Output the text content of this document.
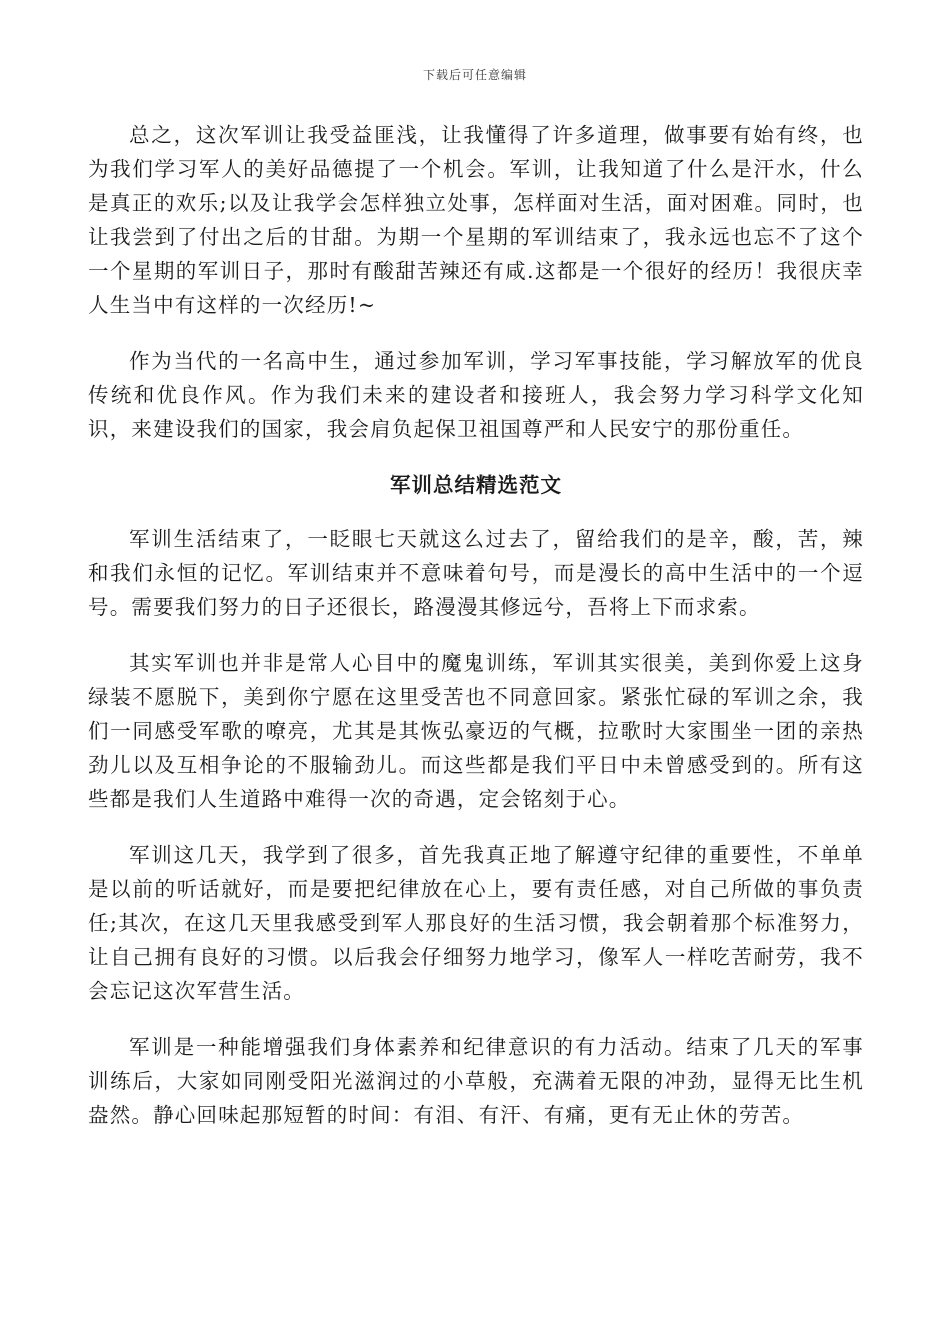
下载后可任意编辑

总之，这次军训让我受益匪浅，让我懂得了许多道理，做事要有始有终，也为我们学习军人的美好品德提了一个机会。军训，让我知道了什么是汗水，什么是真正的欢乐;以及让我学会怎样独立处事，怎样面对生活，面对困难。同时，也让我尝到了付出之后的甘甜。为期一个星期的军训结束了，我永远也忘不了这个一个星期的军训日子，那时有酸甜苦辣还有咸.这都是一个很好的经历！我很庆幸人生当中有这样的一次经历!~

作为当代的一名高中生，通过参加军训，学习军事技能，学习解放军的优良传统和优良作风。作为我们未来的建设者和接班人，我会努力学习科学文化知识，来建设我们的国家，我会肩负起保卫祖国尊严和人民安宁的那份重任。

军训总结精选范文

军训生活结束了，一眨眼七天就这么过去了，留给我们的是辛，酸，苦，辣和我们永恒的记忆。军训结束并不意味着句号，而是漫长的高中生活中的一个逗号。需要我们努力的日子还很长，路漫漫其修远兮，吾将上下而求索。

其实军训也并非是常人心目中的魔鬼训练，军训其实很美，美到你爱上这身绿装不愿脱下，美到你宁愿在这里受苦也不同意回家。紧张忙碌的军训之余，我们一同感受军歌的嘹亮，尤其是其恢弘豪迈的气概，拉歌时大家围坐一团的亲热劲儿以及互相争论的不服输劲儿。而这些都是我们平日中未曾感受到的。所有这些都是我们人生道路中难得一次的奇遇，定会铭刻于心。

军训这几天，我学到了很多，首先我真正地了解遵守纪律的重要性，不单单是以前的听话就好，而是要把纪律放在心上，要有责任感，对自己所做的事负责任;其次，在这几天里我感受到军人那良好的生活习惯，我会朝着那个标准努力，让自己拥有良好的习惯。以后我会仔细努力地学习，像军人一样吃苦耐劳，我不会忘记这次军营生活。

军训是一种能增强我们身体素养和纪律意识的有力活动。结束了几天的军事训练后，大家如同刚受阳光滋润过的小草般，充满着无限的冲劲，显得无比生机盎然。静心回味起那短暂的时间：有泪、有汗、有痛，更有无止休的劳苦。
